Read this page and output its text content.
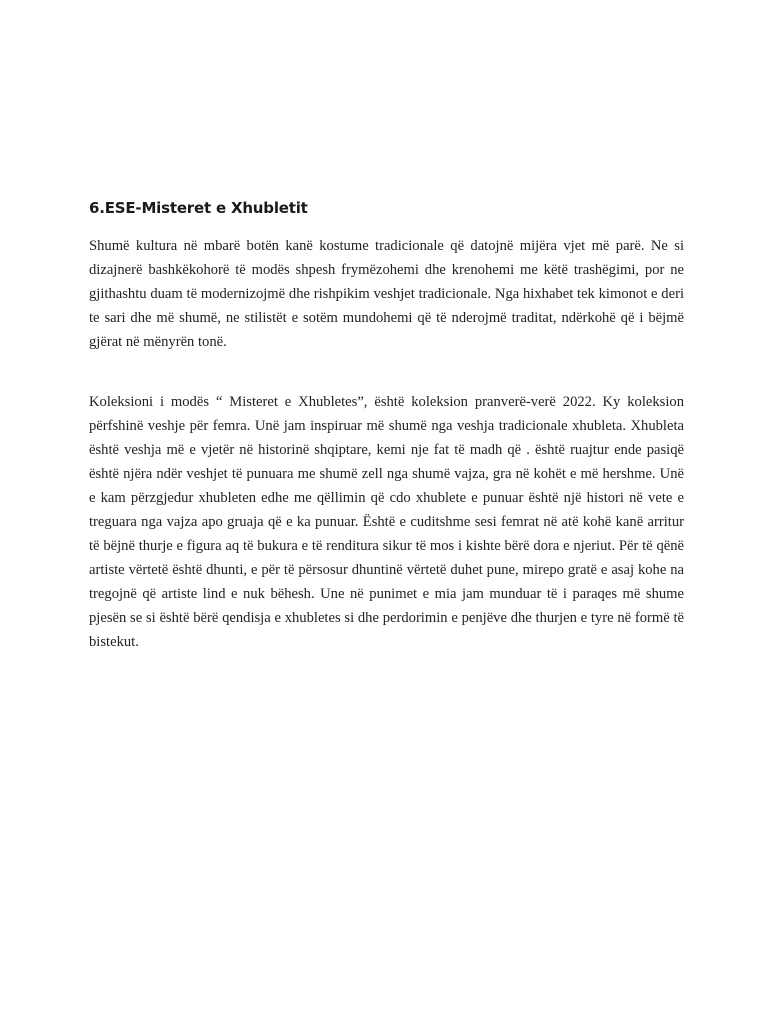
6.ESE-Misteret e Xhubletit

Shumë kultura në mbarë botën kanë kostume tradicionale që datojnë mijëra vjet më parë. Ne si dizajnerë bashkëkohorë të modës shpesh frymëzohemi dhe krenohemi me këtë trashëgimi, por ne gjithashtu duam të modernizojmë dhe rishpikim veshjet tradicionale. Nga hixhabet tek kimonot e deri te sari dhe më shumë, ne stilistët e sotëm mundohemi që të nderojmë traditat, ndërkohë që i bëjmë gjërat në mënyrën tonë.

Koleksioni i modës “ Misteret e Xhubletes”, është koleksion pranverë-verë 2022. Ky koleksion përfshinë veshje për femra. Unë jam inspiruar më shumë nga veshja tradicionale xhubleta. Xhubleta është veshja më e vjetër në historinë shqiptare, kemi nje fat të madh që . është ruajtur ende pasiqë është njëra ndër veshjet të punuara me shumë zell nga shumë vajza, gra në kohët e më hershme. Unë e kam përzgjedur xhubleten edhe me qëllimin që cdo xhublete e punuar është një histori në vete e treguara nga vajza apo gruaja që e ka punuar. Është e cuditshme sesi femrat në atë kohë kanë arritur të bëjnë thurje e figura aq të bukura e të renditura sikur të mos i kishte bërë dora e njeriut. Për të qënë artiste vërtetë është dhunti, e për të përsosur dhuntinë vërtetë duhet pune, mirepo gratë e asaj kohe na tregojnë që artiste lind e nuk bëhesh. Une në punimet e mia jam munduar të i paraqes më shume pjesën se si është bërë qendisja e xhubletes si dhe perdorimin e penjëve dhe thurjen e tyre në formë të bistekut.
